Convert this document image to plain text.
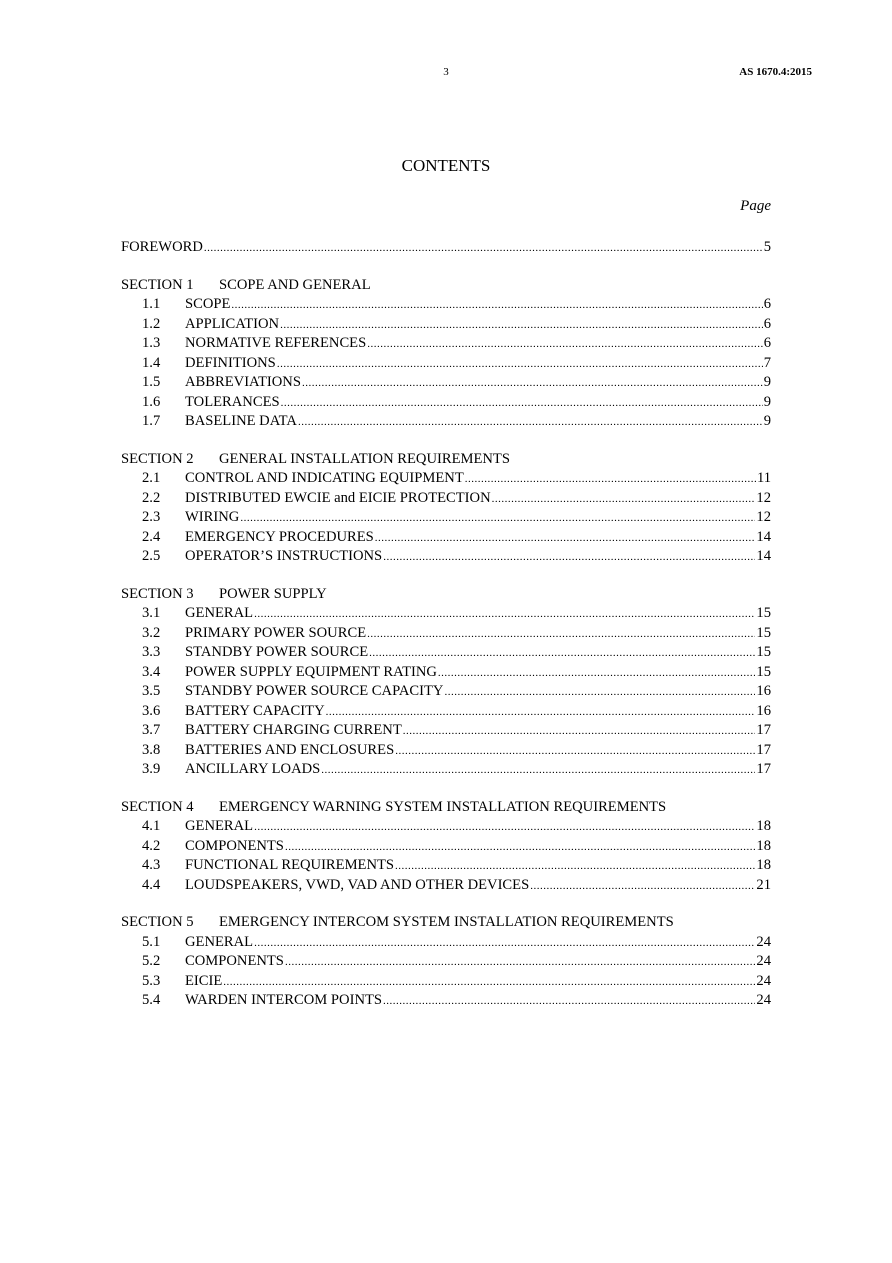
3	AS 1670.4:2015
CONTENTS
Page
FOREWORD .....	5
SECTION 1	SCOPE AND GENERAL
1.1	SCOPE .....	6
1.2	APPLICATION .....	6
1.3	NORMATIVE REFERENCES .....	6
1.4	DEFINITIONS .....	7
1.5	ABBREVIATIONS .....	9
1.6	TOLERANCES .....	9
1.7	BASELINE DATA .....	9
SECTION 2	GENERAL INSTALLATION REQUIREMENTS
2.1	CONTROL AND INDICATING EQUIPMENT .....	11
2.2	DISTRIBUTED EWCIE and EICIE PROTECTION .....	12
2.3	WIRING .....	12
2.4	EMERGENCY PROCEDURES .....	14
2.5	OPERATOR’S INSTRUCTIONS .....	14
SECTION 3	POWER SUPPLY
3.1	GENERAL .....	15
3.2	PRIMARY POWER SOURCE .....	15
3.3	STANDBY POWER SOURCE .....	15
3.4	POWER SUPPLY EQUIPMENT RATING .....	15
3.5	STANDBY POWER SOURCE CAPACITY .....	16
3.6	BATTERY CAPACITY .....	16
3.7	BATTERY CHARGING CURRENT .....	17
3.8	BATTERIES AND ENCLOSURES .....	17
3.9	ANCILLARY LOADS .....	17
SECTION 4	EMERGENCY WARNING SYSTEM INSTALLATION REQUIREMENTS
4.1	GENERAL .....	18
4.2	COMPONENTS .....	18
4.3	FUNCTIONAL REQUIREMENTS .....	18
4.4	LOUDSPEAKERS, VWD, VAD AND OTHER DEVICES .....	21
SECTION 5	EMERGENCY INTERCOM SYSTEM INSTALLATION REQUIREMENTS
5.1	GENERAL .....	24
5.2	COMPONENTS .....	24
5.3	EICIE .....	24
5.4	WARDEN INTERCOM POINTS .....	24
